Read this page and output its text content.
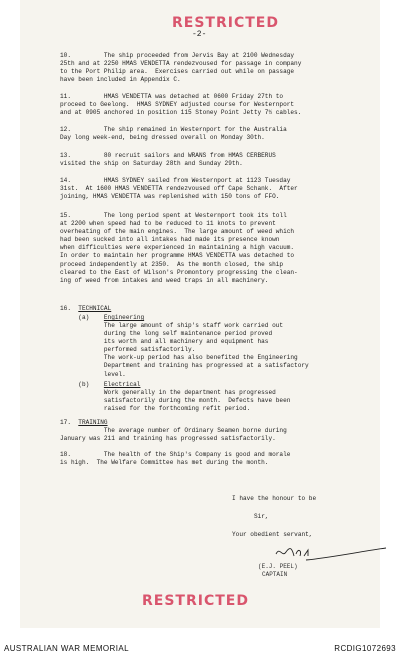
RESTRICTED
-2-
10.         The ship proceeded from Jervis Bay at 2100 Wednesday
25th and at 2250 HMAS VENDETTA rendezvoused for passage in company
to the Port Philip area.  Exercises carried out while on passage
have been included in Appendix C.
11.         HMAS VENDETTA was detached at 0600 Friday 27th to
proceed to Geelong.  HMAS SYDNEY adjusted course for Westernport
and at 0905 anchored in position 115 Stoney Point Jetty 7½ cables.
12.         The ship remained in Westernport for the Australia
Day long week-end, being dressed overall on Monday 30th.
13.         80 recruit sailors and WRANS from HMAS CERBERUS
visited the ship on Saturday 28th and Sunday 29th.
14.         HMAS SYDNEY sailed from Westernport at 1123 Tuesday
31st.  At 1600 HMAS VENDETTA rendezvoused off Cape Schank.  After
joining, HMAS VENDETTA was replenished with 150 tons of FFO.
15.         The long period spent at Westernport took its toll
at 2200 when speed had to be reduced to 11 knots to prevent
overheating of the main engines.  The large amount of weed which
had been sucked into all intakes had made its presence known
when difficulties were experienced in maintaining a high vacuum.
In order to maintain her programme HMAS VENDETTA was detached to
proceed independently at 2350.  As the month closed, the ship
cleared to the East of Wilson's Promontory progressing the clean-
ing of weed from intakes and weed traps in all machinery.
16.  TECHNICAL
(a)    Engineering
The large amount of ship's staff work carried out
during the long self maintenance period proved
its worth and all machinery and equipment has
performed satisfactorily.
The work-up period has also benefited the Engineering
Department and training has progressed at a satisfactory
level.
(b)    Electrical
Work generally in the department has progressed
satisfactorily during the month.  Defects have been
raised for the forthcoming refit period.
17.  TRAINING
The average number of Ordinary Seamen borne during
January was 211 and training has progressed satisfactorily.
18.         The health of the Ship's Company is good and morale
is high.  The Welfare Committee has met during the month.
I have the honour to be

Sir,

Your obedient servant,
(E.J. PEEL)
CAPTAIN
RESTRICTED
AUSTRALIAN WAR MEMORIAL	RCDIG1072693
